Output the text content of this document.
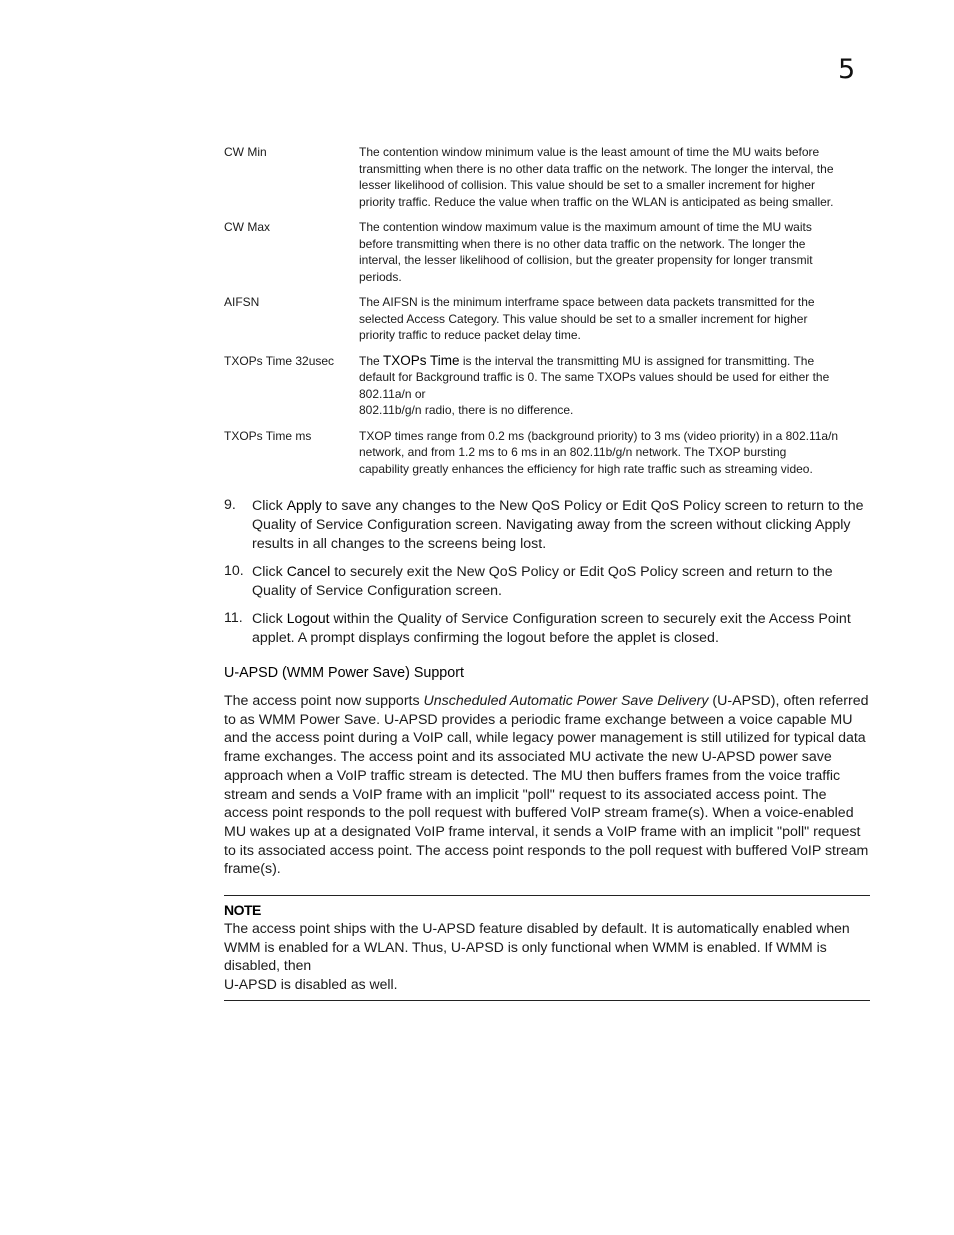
5
CW Min	The contention window minimum value is the least amount of time the MU waits before
transmitting when there is no other data traffic on the network. The longer the interval, the
lesser likelihood of collision. This value should be set to a smaller increment for higher
priority traffic. Reduce the value when traffic on the WLAN is anticipated as being smaller.
CW Max	The contention window maximum value is the maximum amount of time the MU waits
before transmitting when there is no other data traffic on the network. The longer the
interval, the lesser likelihood of collision, but the greater propensity for longer transmit
periods.
AIFSN	The AIFSN is the minimum interframe space between data packets transmitted for the
selected Access Category. This value should be set to a smaller increment for higher
priority traffic to reduce packet delay time.
TXOPs Time 32usec	The TXOPs Time is the interval the transmitting MU is assigned for transmitting. The
default for Background traffic is 0. The same TXOPs values should be used for either the
802.11a/n or
802.11b/g/n radio, there is no difference.
TXOPs Time ms	TXOP times range from 0.2 ms (background priority) to 3 ms (video priority) in a 802.11a/n
network, and from 1.2 ms to 6 ms in an 802.11b/g/n network. The TXOP bursting
capability greatly enhances the efficiency for high rate traffic such as streaming video.
9.	Click Apply to save any changes to the New QoS Policy or Edit QoS Policy screen to return to the Quality of Service Configuration screen. Navigating away from the screen without clicking Apply results in all changes to the screens being lost.
10. Click Cancel to securely exit the New QoS Policy or Edit QoS Policy screen and return to the Quality of Service Configuration screen.
11. Click Logout within the Quality of Service Configuration screen to securely exit the Access Point applet. A prompt displays confirming the logout before the applet is closed.
U-APSD (WMM Power Save) Support
The access point now supports Unscheduled Automatic Power Save Delivery (U-APSD), often referred to as WMM Power Save. U-APSD provides a periodic frame exchange between a voice capable MU and the access point during a VoIP call, while legacy power management is still utilized for typical data frame exchanges. The access point and its associated MU activate the new U-APSD power save approach when a VoIP traffic stream is detected. The MU then buffers frames from the voice traffic stream and sends a VoIP frame with an implicit "poll" request to its associated access point. The access point responds to the poll request with buffered VoIP stream frame(s). When a voice-enabled MU wakes up at a designated VoIP frame interval, it sends a VoIP frame with an implicit "poll" request to its associated access point. The access point responds to the poll request with buffered VoIP stream frame(s).
NOTE
The access point ships with the U-APSD feature disabled by default. It is automatically enabled when WMM is enabled for a WLAN. Thus, U-APSD is only functional when WMM is enabled. If WMM is disabled, then
U-APSD is disabled as well.
